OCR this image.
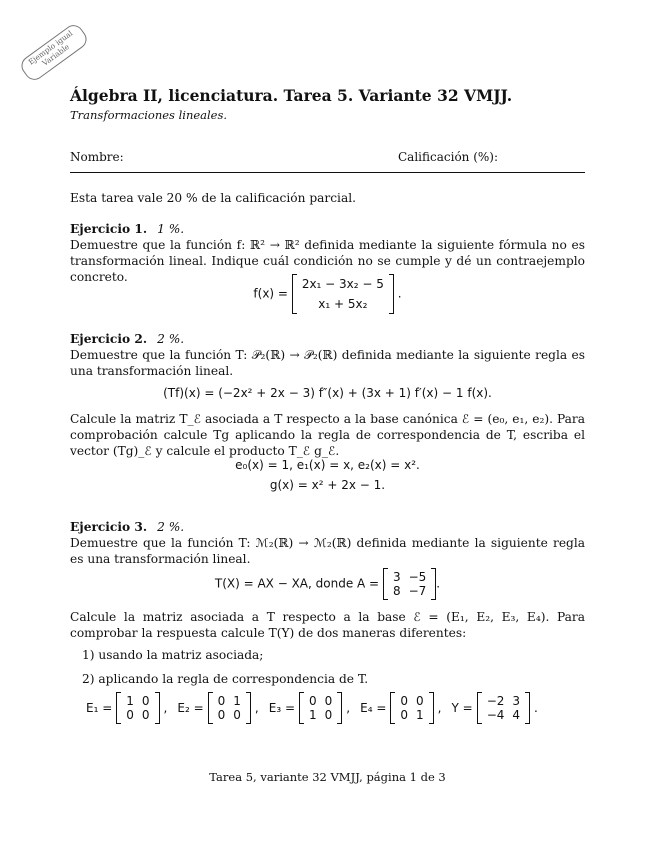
Ejemplo igual Variable
Álgebra II, licenciatura. Tarea 5. Variante 32 VMJJ.
Transformaciones lineales.
Nombre:	Calificación (%):
Esta tarea vale 20 % de la calificación parcial.
Ejercicio 1. 1 %.
Demuestre que la función f: ℝ² → ℝ² definida mediante la siguiente fórmula no es transformación lineal. Indique cuál condición no se cumple y dé un contraejemplo concreto.
f(x) =
2x₁ − 3x₂ − 5
x₁ + 5x₂
.
Ejercicio 2. 2 %.
Demuestre que la función T: 𝒫₂(ℝ) → 𝒫₂(ℝ) definida mediante la siguiente regla es una transformación lineal.
(Tf)(x) = (−2x² + 2x − 3) f″(x) + (3x + 1) f′(x) − 1 f(x).
Calcule la matriz T_ℰ asociada a T respecto a la base canónica ℰ = (e₀, e₁, e₂). Para comprobación calcule Tg aplicando la regla de correspondencia de T, escriba el vector (Tg)_ℰ y calcule el producto T_ℰ g_ℰ.
e₀(x) = 1, e₁(x) = x, e₂(x) = x².
g(x) = x² + 2x − 1.
Ejercicio 3. 2 %.
Demuestre que la función T: ℳ₂(ℝ) → ℳ₂(ℝ) definida mediante la siguiente regla es una transformación lineal.
T(X) = AX − XA, donde A = 3 −5
8 −7
.
Calcule la matriz asociada a T respecto a la base ℰ = (E₁, E₂, E₃, E₄). Para comprobar la respuesta calcule T(Y) de dos maneras diferentes:
1) usando la matriz asociada;
2) aplicando la regla de correspondencia de T.
E₁ = 1 0
0 0 , E₂ = 0 1
0 0 , E₃ = 0 0
1 0 , E₄ = 0 0
0 1 , Y = −2 3
−4 4 .
Tarea 5, variante 32 VMJJ, página 1 de 3
